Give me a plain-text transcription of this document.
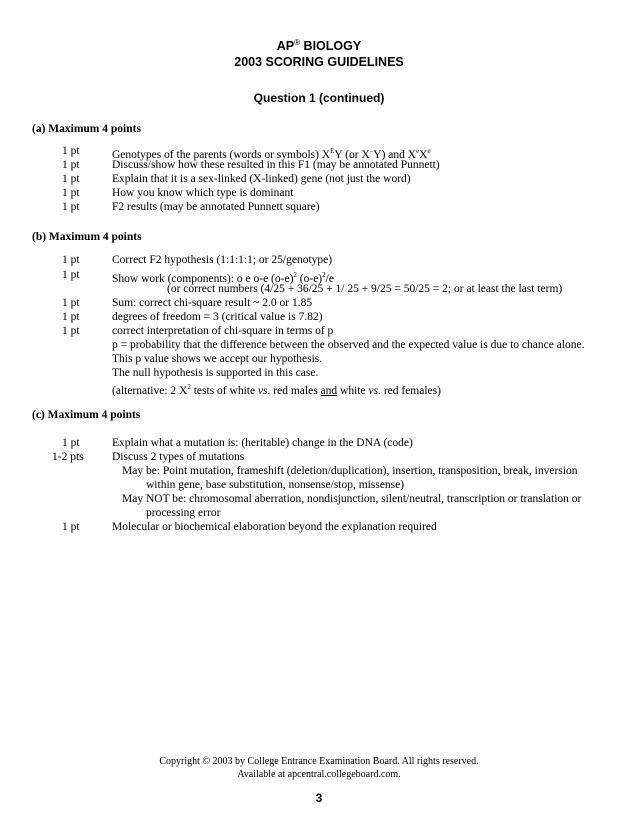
AP® BIOLOGY
2003 SCORING GUIDELINES
Question 1 (continued)
(a) Maximum 4 points
1 pt	Genotypes of the parents (words or symbols) $X^EY$ (or X–Y) and XeXe
1 pt	Discuss/show how these resulted in this F1 (may be annotated Punnett)
1 pt	Explain that it is a sex-linked (X-linked) gene (not just the word)
1 pt	How you know which type is dominant
1 pt	F2 results (may be annotated Punnett square)
(b) Maximum 4 points
1 pt	Correct F2 hypothesis (1:1:1:1; or 25/genotype)
1 pt	Show work (components): o e o-e $(o-e)^2$ $(o-e)^2/e$
(or correct numbers (4/25 + 36/25 + 1/ 25 + 9/25 = 50/25 = 2; or at least the last term)
1 pt	Sum: correct chi-square result ~ 2.0 or 1.85
1 pt	degrees of freedom = 3 (critical value is 7.82)
1 pt	correct interpretation of chi-square in terms of p
p = probability that the difference between the observed and the expected value is due to chance alone.
This p value shows we accept our hypothesis.
The null hypothesis is supported in this case.
(alternative: 2 $X^2$ tests of white vs. red males and white vs. red females)
(c) Maximum 4 points
1 pt	Explain what a mutation is: (heritable) change in the DNA (code)
1-2 pts Discuss 2 types of mutations
May be: Point mutation, frameshift (deletion/duplication), insertion, transposition, break, inversion
within gene, base substitution, nonsense/stop, missense)
May NOT be: chromosomal aberration, nondisjunction, silent/neutral, transcription or translation or
processing error
1 pt	Molecular or biochemical elaboration beyond the explanation required
Copyright © 2003 by College Entrance Examination Board. All rights reserved.
Available at apcentral.collegeboard.com.
3
